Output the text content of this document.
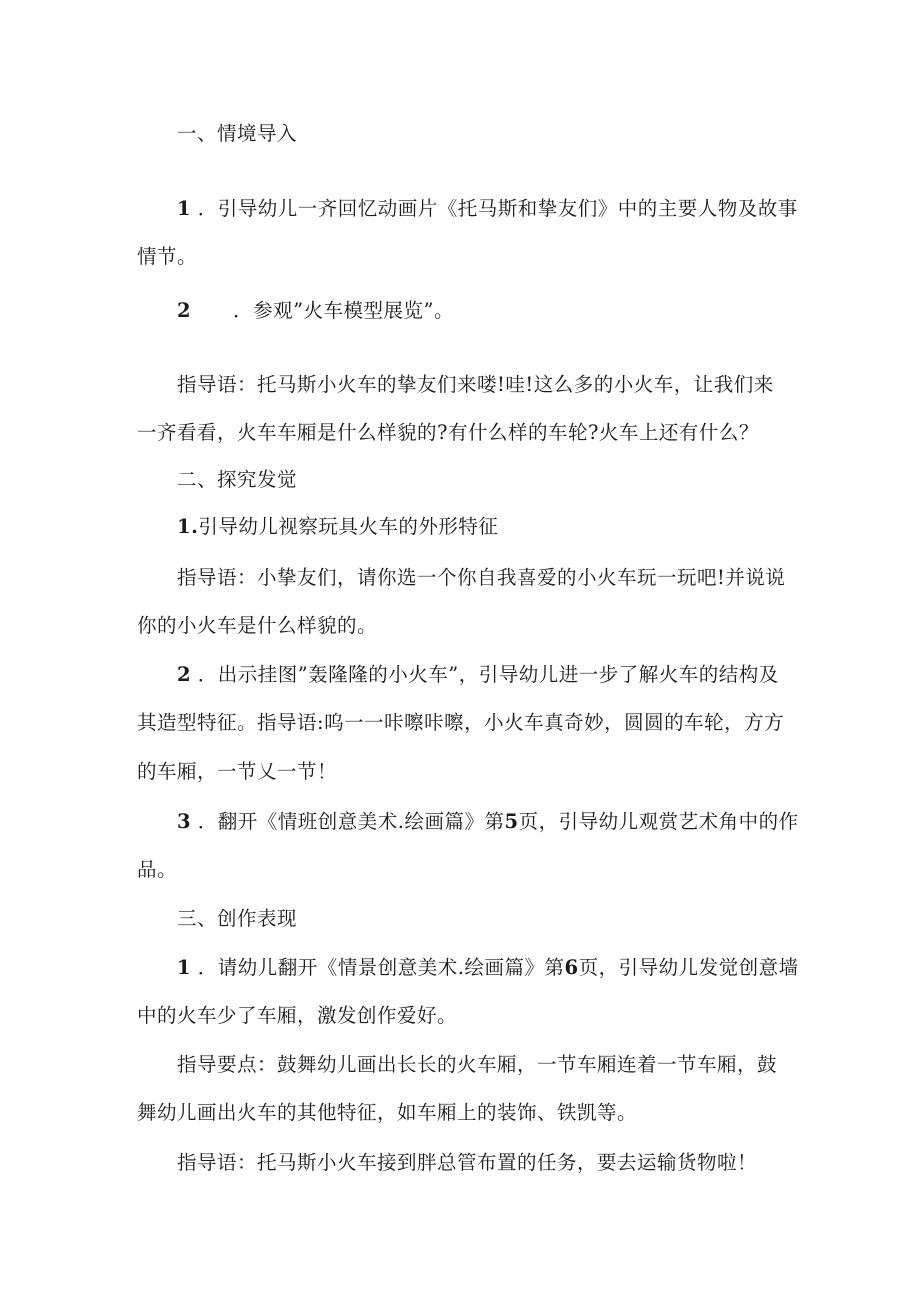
一、情境导入
1 ．引导幼儿一齐回忆动画片《托马斯和挚友们》中的主要人物及故事
情节。
2 ．参观”火车模型展览”。
指导语：托马斯小火车的挚友们来喽!哇!这么多的小火车，让我们来
一齐看看，火车车厢是什么样貌的?有什么样的车轮?火车上还有什么？
二、探究发觉
1.引导幼儿视察玩具火车的外形特征
指导语：小挚友们，请你选一个你自我喜爱的小火车玩一玩吧!并说说
你的小火车是什么样貌的。
2 ．出示挂图”轰隆隆的小火车”，引导幼儿进一步了解火车的结构及
其造型特征。指导语:呜一一咔嚓咔嚓，小火车真奇妙，圆圆的车轮，方方
的车厢，一节乂一节！
3 ．翻开《情班创意美术.绘画篇》第5页，引导幼儿观赏艺术角中的作
品。
三、创作表现
1 ．请幼儿翻开《情景创意美术.绘画篇》第6页，引导幼儿发觉创意墙
中的火车少了车厢，激发创作爱好。
指导要点：鼓舞幼儿画出长长的火车厢，一节车厢连着一节车厢，鼓
舞幼儿画出火车的其他特征，如车厢上的装饰、铁凯等。
指导语：托马斯小火车接到胖总管布置的任务，要去运输货物啦！
